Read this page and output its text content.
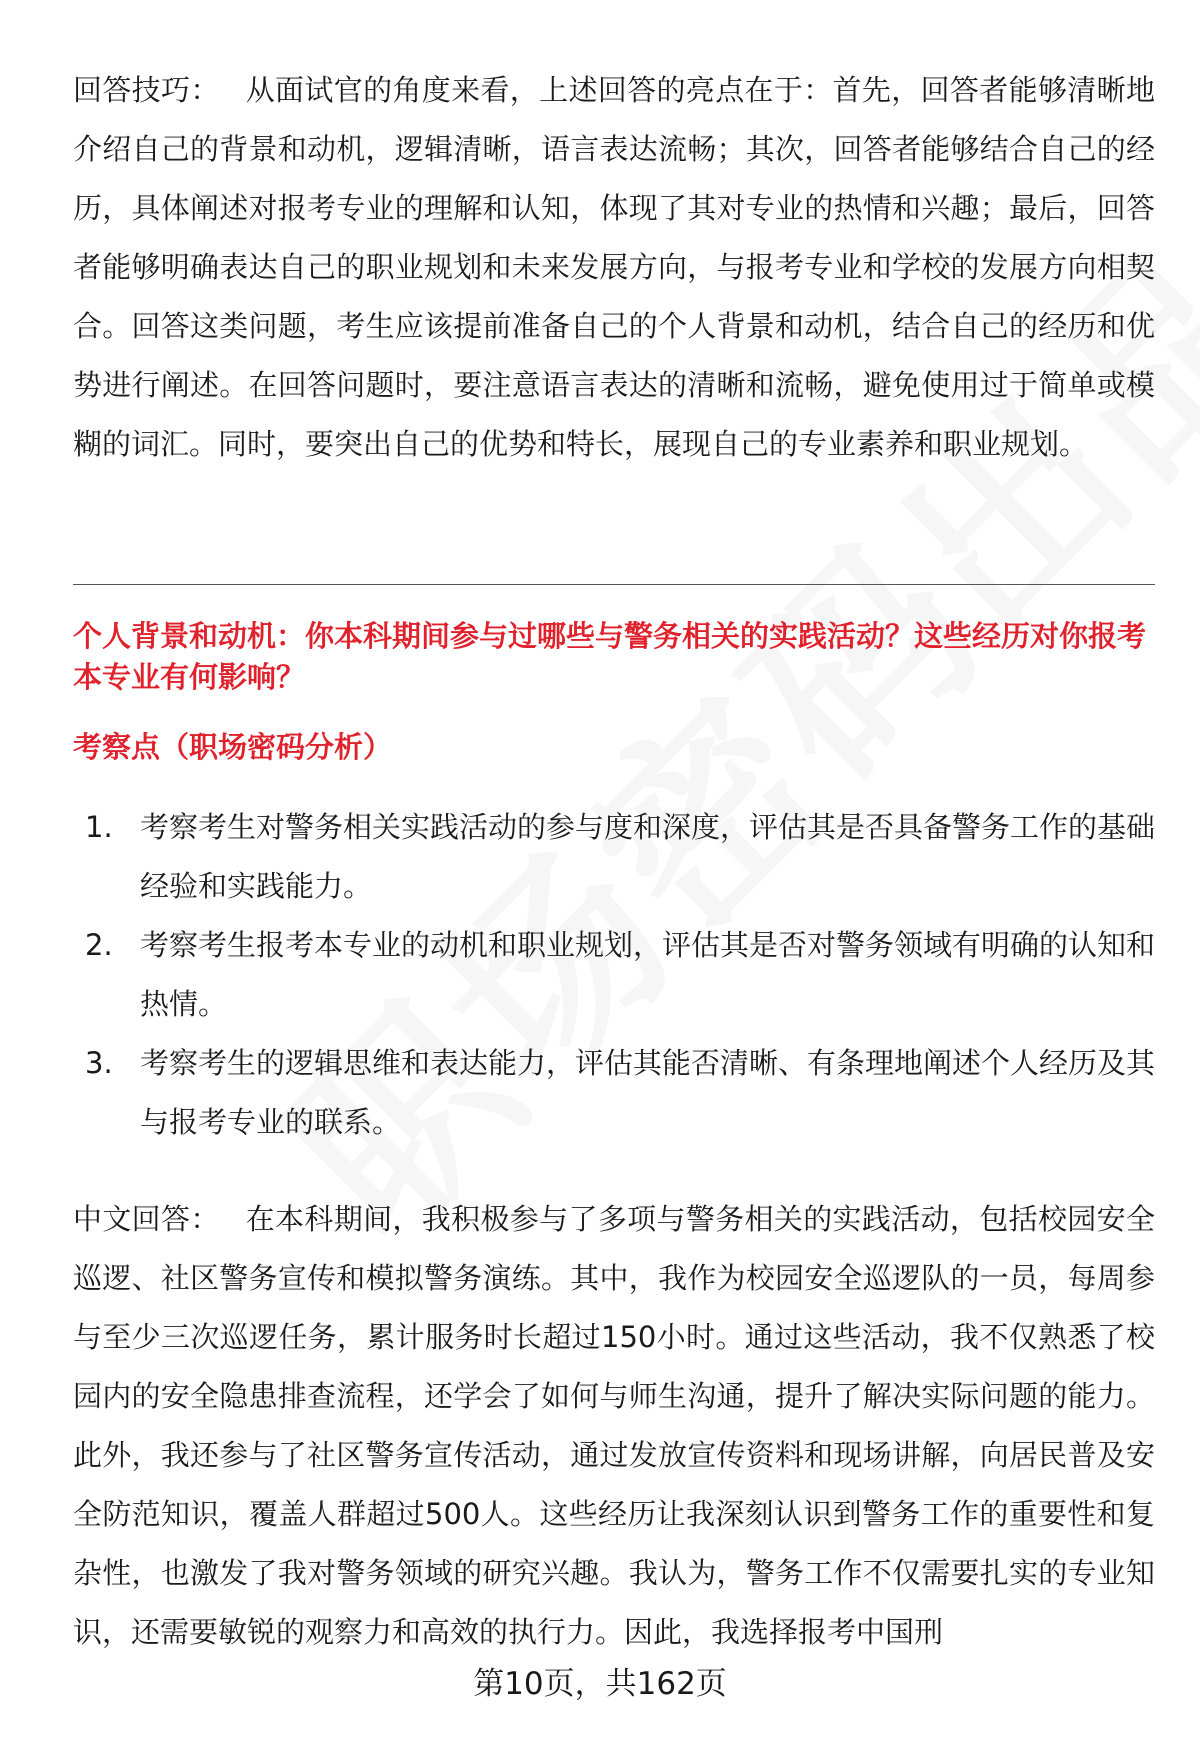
回答技巧： 从面试官的角度来看，上述回答的亮点在于：首先，回答者能够清晰地介绍自己的背景和动机，逻辑清晰，语言表达流畅；其次，回答者能够结合自己的经历，具体阐述对报考专业的理解和认知，体现了其对专业的热情和兴趣；最后，回答者能够明确表达自己的职业规划和未来发展方向，与报考专业和学校的发展方向相契合。回答这类问题，考生应该提前准备自己的个人背景和动机，结合自己的经历和优势进行阐述。在回答问题时，要注意语言表达的清晰和流畅，避免使用过于简单或模糊的词汇。同时，要突出自己的优势和特长，展现自己的专业素养和职业规划。

个人背景和动机：你本科期间参与过哪些与警务相关的实践活动？这些经历对你报考本专业有何影响？

考察点（职场密码分析）

1. 考察考生对警务相关实践活动的参与度和深度，评估其是否具备警务工作的基础经验和实践能力。
2. 考察考生报考本专业的动机和职业规划，评估其是否对警务领域有明确的认知和热情。
3. 考察考生的逻辑思维和表达能力，评估其能否清晰、有条理地阐述个人经历及其与报考专业的联系。

中文回答： 在本科期间，我积极参与了多项与警务相关的实践活动，包括校园安全巡逻、社区警务宣传和模拟警务演练。其中，我作为校园安全巡逻队的一员，每周参与至少三次巡逻任务，累计服务时长超过150小时。通过这些活动，我不仅熟悉了校园内的安全隐患排查流程，还学会了如何与师生沟通，提升了解决实际问题的能力。此外，我还参与了社区警务宣传活动，通过发放宣传资料和现场讲解，向居民普及安全防范知识，覆盖人群超过500人。这些经历让我深刻认识到警务工作的重要性和复杂性，也激发了我对警务领域的研究兴趣。我认为，警务工作不仅需要扎实的专业知识，还需要敏锐的观察力和高效的执行力。因此，我选择报考中国刑

第10页，共162页
